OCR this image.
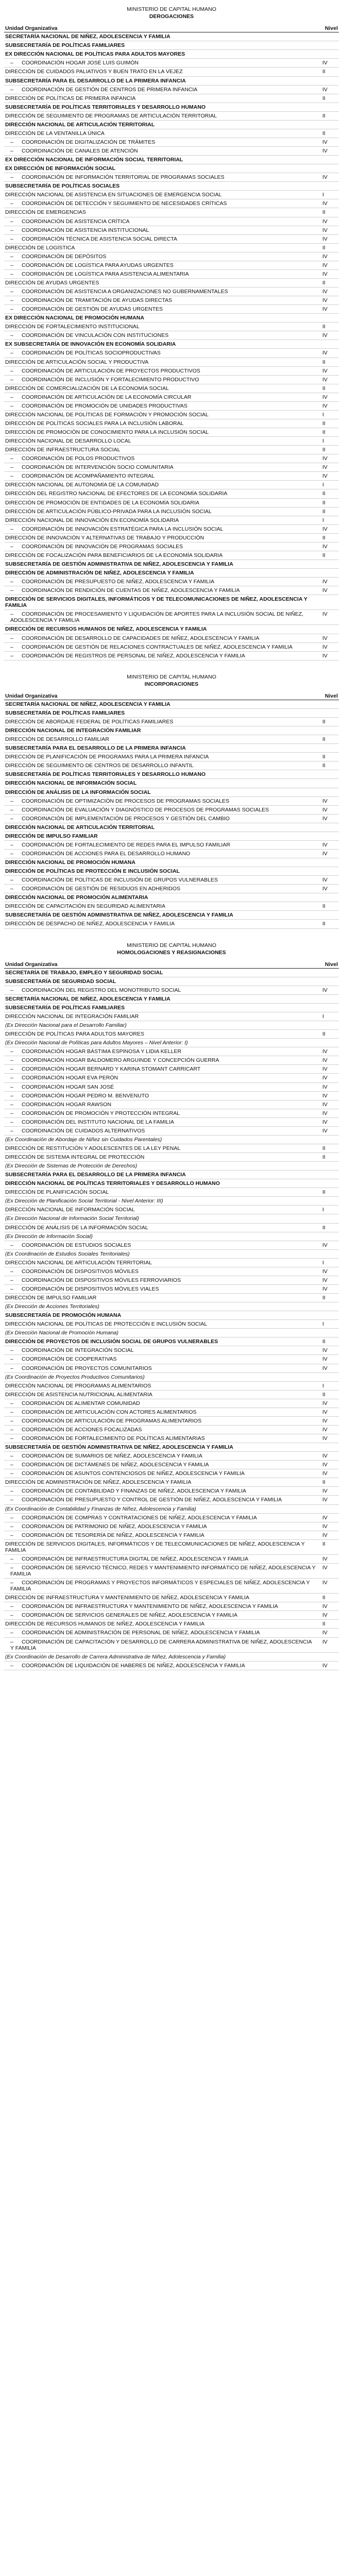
MINISTERIO DE CAPITAL HUMANO
DEROGACIONES
Unidad Organizativa	Nivel
SECRETARÍA NACIONAL DE NIÑEZ, ADOLESCENCIA Y FAMILIA
SUBSECRETARÍA DE POLÍTICAS FAMILIARES
EX DIRECCIÓN NACIONAL DE POLÍTICAS PARA ADULTOS MAYORES
– COORDINACIÓN HOGAR JOSÉ LUIS GUIMÓN	IV
DIRECCIÓN DE CUIDADOS PALIATIVOS Y BUEN TRATO EN LA VEJEZ	II
SUBSECRETARÍA PARA EL DESARROLLO DE LA PRIMERA INFANCIA
– COORDINACIÓN DE GESTIÓN DE CENTROS DE PRIMERA INFANCIA	IV
DIRECCIÓN DE POLÍTICAS DE PRIMERA INFANCIA	II
SUBSECRETARÍA DE POLÍTICAS TERRITORIALES Y DESARROLLO HUMANO
DIRECCIÓN DE SEGUIMIENTO DE PROGRAMAS DE ARTICULACIÓN TERRITORIAL	II
DIRECCIÓN NACIONAL DE ARTICULACIÓN TERRITORIAL
DIRECCIÓN DE LA VENTANILLA ÚNICA	II
– COORDINACIÓN DE DIGITALIZACIÓN DE TRÁMITES	IV
– COORDINACIÓN DE CANALES DE ATENCIÓN	IV
EX DIRECCIÓN NACIONAL DE INFORMACIÓN SOCIAL TERRITORIAL
EX DIRECCIÓN DE INFORMACIÓN SOCIAL
– COORDINACIÓN DE INFORMACIÓN TERRITORIAL DE PROGRAMAS SOCIALES	IV
SUBSECRETARÍA DE POLÍTICAS SOCIALES
DIRECCIÓN NACIONAL DE ASISTENCIA EN SITUACIONES DE EMERGENCIA SOCIAL	I
– COORDINACIÓN DE DETECCIÓN Y SEGUIMIENTO DE NECESIDADES CRÍTICAS	IV
DIRECCIÓN DE EMERGENCIAS	II
– COORDINACIÓN DE ASISTENCIA CRÍTICA	IV
– COORDINACIÓN DE ASISTENCIA INSTITUCIONAL	IV
– COORDINACIÓN TÉCNICA DE ASISTENCIA SOCIAL DIRECTA	IV
DIRECCIÓN DE LOGÍSTICA	II
– COORDINACIÓN DE DEPÓSITOS	IV
– COORDINACIÓN DE LOGÍSTICA PARA AYUDAS URGENTES	IV
– COORDINACIÓN DE LOGÍSTICA PARA ASISTENCIA ALIMENTARIA	IV
DIRECCIÓN DE AYUDAS URGENTES	II
– COORDINACIÓN DE ASISTENCIA A ORGANIZACIONES NO GUBERNAMENTALES	IV
– COORDINACIÓN DE TRAMITACIÓN DE AYUDAS DIRECTAS	IV
– COORDINACIÓN DE GESTIÓN DE AYUDAS URGENTES	IV
EX DIRECCIÓN NACIONAL DE PROMOCIÓN HUMANA
DIRECCIÓN DE FORTALECIMIENTO INSTITUCIONAL	II
– COORDINACIÓN DE VINCULACIÓN CON INSTITUCIONES	IV
EX SUBSECRETARÍA DE INNOVACIÓN EN ECONOMÍA SOLIDARIA
– COORDINACIÓN DE POLÍTICAS SOCIOPRODUCTIVAS	IV
DIRECCIÓN DE ARTICULACIÓN SOCIAL Y PRODUCTIVA	II
– COORDINACIÓN DE ARTICULACIÓN DE PROYECTOS PRODUCTIVOS	IV
– COORDINACIÓN DE INCLUSIÓN Y FORTALECIMIENTO PRODUCTIVO	IV
DIRECCIÓN DE COMERCIALIZACIÓN DE LA ECONOMÍA SOCIAL	II
– COORDINACIÓN DE ARTICULACIÓN DE LA ECONOMÍA CIRCULAR	IV
– COORDINACIÓN DE PROMOCIÓN DE UNIDADES PRODUCTIVAS	IV
DIRECCIÓN NACIONAL DE POLÍTICAS DE FORMACIÓN Y PROMOCIÓN SOCIAL	I
DIRECCIÓN DE POLÍTICAS SOCIALES PARA LA INCLUSIÓN LABORAL	II
DIRECCIÓN DE PROMOCIÓN DE CONOCIMIENTO PARA LA INCLUSIÓN SOCIAL	II
DIRECCIÓN NACIONAL DE DESARROLLO LOCAL	I
DIRECCIÓN DE INFRAESTRUCTURA SOCIAL	II
– COORDINACIÓN DE POLOS PRODUCTIVOS	IV
– COORDINACIÓN DE INTERVENCIÓN SOCIO COMUNITARIA	IV
– COORDINACIÓN DE ACOMPAÑAMIENTO INTEGRAL	IV
DIRECCIÓN NACIONAL DE AUTONOMÍA DE LA COMUNIDAD	I
DIRECCIÓN DEL REGISTRO NACIONAL DE EFECTORES DE LA ECONOMÍA SOLIDARIA	II
DIRECCIÓN DE PROMOCIÓN DE ENTIDADES DE LA ECONOMÍA SOLIDARIA	II
DIRECCIÓN DE ARTICULACIÓN PÚBLICO-PRIVADA PARA LA INCLUSIÓN SOCIAL	II
DIRECCIÓN NACIONAL DE INNOVACIÓN EN ECONOMÍA SOLIDARIA	I
– COORDINACIÓN DE INNOVACIÓN ESTRATÉGICA PARA LA INCLUSIÓN SOCIAL	IV
DIRECCIÓN DE INNOVACIÓN Y ALTERNATIVAS DE TRABAJO Y PRODUCCIÓN	II
– COORDINACIÓN DE INNOVACIÓN DE PROGRAMAS SOCIALES	IV
DIRECCIÓN DE FOCALIZACIÓN PARA BENEFICIARIOS DE LA ECONOMÍA SOLIDARIA	II
SUBSECRETARÍA DE GESTIÓN ADMINISTRATIVA DE NIÑEZ, ADOLESCENCIA Y FAMILIA
DIRECCIÓN DE ADMINISTRACIÓN DE NIÑEZ, ADOLESCENCIA Y FAMILIA
– COORDINACIÓN DE PRESUPUESTO DE NIÑEZ, ADOLESCENCIA Y FAMILIA	IV
– COORDINACIÓN DE RENDICIÓN DE CUENTAS DE NIÑEZ, ADOLESCENCIA Y FAMILIA	IV
DIRECCIÓN DE SERVICIOS DIGITALES, INFORMÁTICOS Y DE TELECOMUNICACIONES DE NIÑEZ, ADOLESCENCIA Y FAMILIA
– COORDINACIÓN DE PROCESAMIENTO Y LIQUIDACIÓN DE APORTES PARA LA INCLUSIÓN SOCIAL DE NIÑEZ, ADOLESCENCIA Y FAMILIA
IV
DIRECCIÓN DE RECURSOS HUMANOS DE NIÑEZ, ADOLESCENCIA Y FAMILIA
– COORDINACIÓN DE DESARROLLO DE CAPACIDADES DE NIÑEZ, ADOLESCENCIA Y FAMILIA	IV
– COORDINACIÓN DE GESTIÓN DE RELACIONES CONTRACTUALES DE NIÑEZ, ADOLESCENCIA Y FAMILIA	IV
– COORDINACIÓN DE REGISTROS DE PERSONAL DE NIÑEZ, ADOLESCENCIA Y FAMILIA	IV
MINISTERIO DE CAPITAL HUMANO
INCORPORACIONES
Unidad Organizativa	Nivel
SECRETARÍA NACIONAL DE NIÑEZ, ADOLESCENCIA Y FAMILIA
SUBSECRETARÍA DE POLÍTICAS FAMILIARES
DIRECCIÓN DE ABORDAJE FEDERAL DE POLÍTICAS FAMILIARES	II
DIRECCIÓN NACIONAL DE INTEGRACIÓN FAMILIAR
DIRECCIÓN DE DESARROLLO FAMILIAR	II
SUBSECRETARÍA PARA EL DESARROLLO DE LA PRIMERA INFANCIA
DIRECCIÓN DE PLANIFICACIÓN DE PROGRAMAS PARA LA PRIMERA INFANCIA	II
DIRECCIÓN DE SEGUIMIENTO DE CENTROS DE DESARROLLO INFANTIL	II
SUBSECRETARÍA DE POLÍTICAS TERRITORIALES Y DESARROLLO HUMANO
DIRECCIÓN NACIONAL DE INFORMACIÓN SOCIAL
DIRECCIÓN DE ANÁLISIS DE LA INFORMACIÓN SOCIAL
– COORDINACIÓN DE OPTIMIZACIÓN DE PROCESOS DE PROGRAMAS SOCIALES	IV
– COORDINACIÓN DE EVALUACIÓN Y DIAGNÓSTICO DE PROCESOS DE PROGRAMAS SOCIALES	IV
– COORDINACIÓN DE IMPLEMENTACIÓN DE PROCESOS Y GESTIÓN DEL CAMBIO	IV
DIRECCIÓN NACIONAL DE ARTICULACIÓN TERRITORIAL
DIRECCIÓN DE IMPULSO FAMILIAR
– COORDINACIÓN DE FORTALECIMIENTO DE REDES PARA EL IMPULSO FAMILIAR	IV
– COORDINACIÓN DE ACCIONES PARA EL DESARROLLO HUMANO	IV
DIRECCIÓN NACIONAL DE PROMOCIÓN HUMANA
DIRECCIÓN DE POLÍTICAS DE PROTECCIÓN E INCLUSIÓN SOCIAL
– COORDINACIÓN DE POLÍTICAS DE INCLUSIÓN DE GRUPOS VULNERABLES	IV
– COORDINACIÓN DE GESTIÓN DE RESIDUOS EN ADHERIDOS	IV
DIRECCIÓN NACIONAL DE PROMOCIÓN ALIMENTARIA
DIRECCIÓN DE CAPACITACIÓN EN SEGURIDAD ALIMENTARIA	II
SUBSECRETARÍA DE GESTIÓN ADMINISTRATIVA DE NIÑEZ, ADOLESCENCIA Y FAMILIA
DIRECCIÓN DE DESPACHO DE NIÑEZ, ADOLESCENCIA Y FAMILIA	II
MINISTERIO DE CAPITAL HUMANO
HOMOLOGACIONES Y REASIGNACIONES
Unidad Organizativa	Nivel
SECRETARÍA DE TRABAJO, EMPLEO Y SEGURIDAD SOCIAL
SUBSECRETARÍA DE SEGURIDAD SOCIAL
– COORDINACIÓN DEL REGISTRO DEL MONOTRIBUTO SOCIAL	IV
SECRETARÍA NACIONAL DE NIÑEZ, ADOLESCENCIA Y FAMILIA
SUBSECRETARÍA DE POLÍTICAS FAMILIARES
DIRECCIÓN NACIONAL DE INTEGRACIÓN FAMILIAR	I
(Ex Dirección Nacional para el Desarrollo Familiar)
DIRECCIÓN DE POLÍTICAS PARA ADULTOS MAYORES	II
(Ex Dirección Nacional de Políticas para Adultos Mayores – Nivel Anterior: I)
– COORDINACIÓN HOGAR BÁSTIMA ESPINOSA Y LIDIA KELLER	IV
– COORDINACIÓN HOGAR BALDOMERO ARGUINDE Y CONCEPCIÓN GUERRA	IV
– COORDINACIÓN HOGAR BERNARD Y KARINA STOMANT CARRICART	IV
– COORDINACIÓN HOGAR EVA PERÓN	IV
– COORDINACIÓN HOGAR SAN JOSÉ	IV
– COORDINACIÓN HOGAR PEDRO M. BENVENUTO	IV
– COORDINACIÓN HOGAR RAWSON	IV
– COORDINACIÓN DE PROMOCIÓN Y PROTECCIÓN INTEGRAL	IV
– COORDINACIÓN DEL INSTITUTO NACIONAL DE LA FAMILIA	IV
– COORDINACIÓN DE CUIDADOS ALTERNATIVOS	IV
(Ex Coordinación de Abordaje de Niñez sin Cuidados Parentales)
DIRECCIÓN DE RESTITUCIÓN Y ADOLESCENTES DE LA LEY PENAL	II
DIRECCIÓN DE SISTEMA INTEGRAL DE PROTECCIÓN	II
(Ex Dirección de Sistemas de Protección de Derechos)
SUBSECRETARÍA PARA EL DESARROLLO DE LA PRIMERA INFANCIA
DIRECCIÓN NACIONAL DE POLÍTICAS TERRITORIALES Y DESARROLLO HUMANO
DIRECCIÓN DE PLANIFICACIÓN SOCIAL	II
(Ex Dirección de Planificación Social Territorial - Nivel Anterior: III)
DIRECCIÓN NACIONAL DE INFORMACIÓN SOCIAL	I
(Ex Dirección Nacional de Información Social Territorial)
DIRECCIÓN DE ANÁLISIS DE LA INFORMACIÓN SOCIAL	II
(Ex Dirección de Información Social)
– COORDINACIÓN DE ESTUDIOS SOCIALES	IV
(Ex Coordinación de Estudios Sociales Territoriales)
DIRECCIÓN NACIONAL DE ARTICULACIÓN TERRITORIAL	I
– COORDINACIÓN DE DISPOSITIVOS MÓVILES	IV
– COORDINACIÓN DE DISPOSITIVOS MÓVILES FERROVIARIOS	IV
– COORDINACIÓN DE DISPOSITIVOS MÓVILES VIALES	IV
DIRECCIÓN DE IMPULSO FAMILIAR	II
(Ex Dirección de Acciones Territoriales)
SUBSECRETARÍA DE PROMOCIÓN HUMANA
DIRECCIÓN NACIONAL DE POLÍTICAS DE PROTECCIÓN E INCLUSIÓN SOCIAL	I
(Ex Dirección Nacional de Promoción Humana)
DIRECCIÓN DE PROYECTOS DE INCLUSIÓN SOCIAL DE GRUPOS VULNERABLES	II
– COORDINACIÓN DE INTEGRACIÓN SOCIAL	IV
– COORDINACIÓN DE COOPERATIVAS	IV
– COORDINACIÓN DE PROYECTOS COMUNITARIOS	IV
(Ex Coordinación de Proyectos Productivos Comunitarios)
DIRECCIÓN NACIONAL DE PROGRAMAS ALIMENTARIOS	I
DIRECCIÓN DE ASISTENCIA NUTRICIONAL ALIMENTARIA	II
– COORDINACIÓN DE ALIMENTAR COMUNIDAD	IV
– COORDINACIÓN DE ARTICULACIÓN CON ACTORES ALIMENTARIOS	IV
– COORDINACIÓN DE ARTICULACIÓN DE PROGRAMAS ALIMENTARIOS	IV
– COORDINACIÓN DE ACCIONES FOCALIZADAS	IV
– COORDINACIÓN DE FORTALECIMIENTO DE POLÍTICAS ALIMENTARIAS	IV
SUBSECRETARÍA DE GESTIÓN ADMINISTRATIVA DE NIÑEZ, ADOLESCENCIA Y FAMILIA
– COORDINACIÓN DE SUMARIOS DE NIÑEZ, ADOLESCENCIA Y FAMILIA	IV
– COORDINACIÓN DE DICTÁMENES DE NIÑEZ, ADOLESCENCIA Y FAMILIA	IV
– COORDINACIÓN DE ASUNTOS CONTENCIOSOS DE NIÑEZ, ADOLESCENCIA Y FAMILIA	IV
DIRECCIÓN DE ADMINISTRACIÓN DE NIÑEZ, ADOLESCENCIA Y FAMILIA	II
– COORDINACIÓN DE CONTABILIDAD Y FINANZAS DE NIÑEZ, ADOLESCENCIA Y FAMILIA	IV
– COORDINACIÓN DE PRESUPUESTO Y CONTROL DE GESTIÓN DE NIÑEZ, ADOLESCENCIA Y FAMILIA	IV
(Ex Coordinación de Contabilidad y Finanzas de Niñez, Adolescencia y Familia)
– COORDINACIÓN DE COMPRAS Y CONTRATACIONES DE NIÑEZ, ADOLESCENCIA Y FAMILIA	IV
– COORDINACIÓN DE PATRIMONIO DE NIÑEZ, ADOLESCENCIA Y FAMILIA	IV
– COORDINACIÓN DE TESORERÍA DE NIÑEZ, ADOLESCENCIA Y FAMILIA	IV
DIRECCIÓN DE SERVICIOS DIGITALES, INFORMÁTICOS Y DE TELECOMUNICACIONES DE NIÑEZ, ADOLESCENCIA Y FAMILIA
II
– COORDINACIÓN DE INFRAESTRUCTURA DIGITAL DE NIÑEZ, ADOLESCENCIA Y FAMILIA	IV
– COORDINACIÓN DE SERVICIO TÉCNICO, REDES Y MANTENIMIENTO INFORMÁTICO DE NIÑEZ, ADOLESCENCIA Y FAMILIA
IV
– COORDINACIÓN DE PROGRAMAS Y PROYECTOS INFORMÁTICOS Y ESPECIALES DE NIÑEZ, ADOLESCENCIA Y FAMILIA
IV
DIRECCIÓN DE INFRAESTRUCTURA Y MANTENIMIENTO DE NIÑEZ, ADOLESCENCIA Y FAMILIA	II
– COORDINACIÓN DE INFRAESTRUCTURA Y MANTENIMIENTO DE NIÑEZ, ADOLESCENCIA Y FAMILIA	IV
– COORDINACIÓN DE SERVICIOS GENERALES DE NIÑEZ, ADOLESCENCIA Y FAMILIA	IV
DIRECCIÓN DE RECURSOS HUMANOS DE NIÑEZ, ADOLESCENCIA Y FAMILIA	II
– COORDINACIÓN DE ADMINISTRACIÓN DE PERSONAL DE NIÑEZ, ADOLESCENCIA Y FAMILIA	IV
– COORDINACIÓN DE CAPACITACIÓN Y DESARROLLO DE CARRERA ADMINISTRATIVA DE NIÑEZ, ADOLESCENCIA Y FAMILIA
IV
(Ex Coordinación de Desarrollo de Carrera Administrativa de Niñez, Adolescencia y Familia)
– COORDINACIÓN DE LIQUIDACIÓN DE HABERES DE NIÑEZ, ADOLESCENCIA Y FAMILIA	IV
